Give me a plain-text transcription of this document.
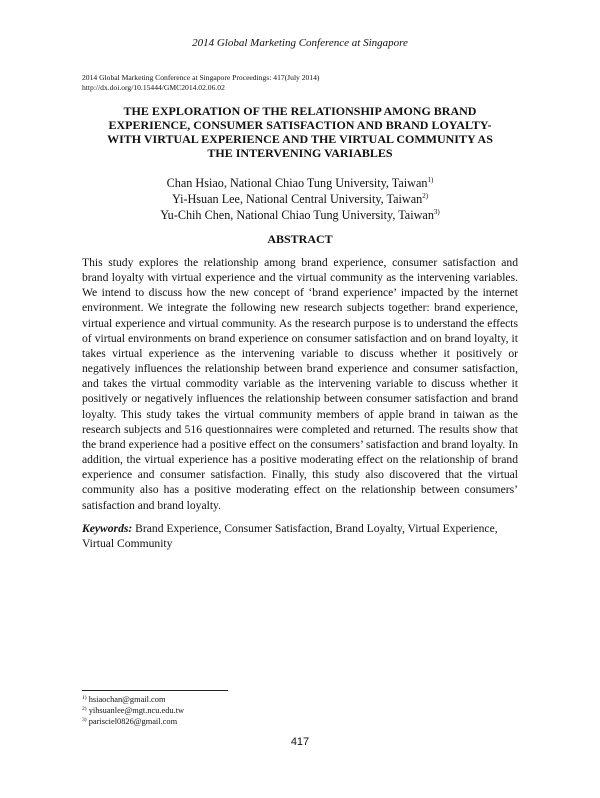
2014 Global Marketing Conference at Singapore
2014 Global Marketing Conference at Singapore Proceedings: 417(July 2014)
http://dx.doi.org/10.15444/GMC2014.02.06.02
THE EXPLORATION OF THE RELATIONSHIP AMONG BRAND
EXPERIENCE, CONSUMER SATISFACTION AND BRAND LOYALTY-
WITH VIRTUAL EXPERIENCE AND THE VIRTUAL COMMUNITY AS
THE INTERVENING VARIABLES
Chan Hsiao, National Chiao Tung University, Taiwan$^{1)}$
Yi-Hsuan Lee, National Central University, Taiwan$^{2)}$
Yu-Chih Chen, National Chiao Tung University, Taiwan$^{3)}$
ABSTRACT
This study explores the relationship among brand experience, consumer satisfaction and brand loyalty with virtual experience and the virtual community as the intervening variables. We intend to discuss how the new concept of ‘brand experience’ impacted by the internet environment. We integrate the following new research subjects together: brand experience, virtual experience and virtual community. As the research purpose is to understand the effects of virtual environments on brand experience on consumer satisfaction and on brand loyalty, it takes virtual experience as the intervening variable to discuss whether it positively or negatively influences the relationship between brand experience and consumer satisfaction, and takes the virtual commodity variable as the intervening variable to discuss whether it positively or negatively influences the relationship between consumer satisfaction and brand loyalty. This study takes the virtual community members of apple brand in taiwan as the research subjects and 516 questionnaires were completed and returned. The results show that the brand experience had a positive effect on the consumers’ satisfaction and brand loyalty. In addition, the virtual experience has a positive moderating effect on the relationship of brand experience and consumer satisfaction. Finally, this study also discovered that the virtual community also has a positive moderating effect on the relationship between consumers’ satisfaction and brand loyalty.
Keywords: Brand Experience, Consumer Satisfaction, Brand Loyalty, Virtual Experience, Virtual Community
$^{1)}$ hsiaochan@gmail.com
$^{2)}$ yihsuanlee@mgt.ncu.edu.tw
$^{3)}$ parisciel0826@gmail.com
417
